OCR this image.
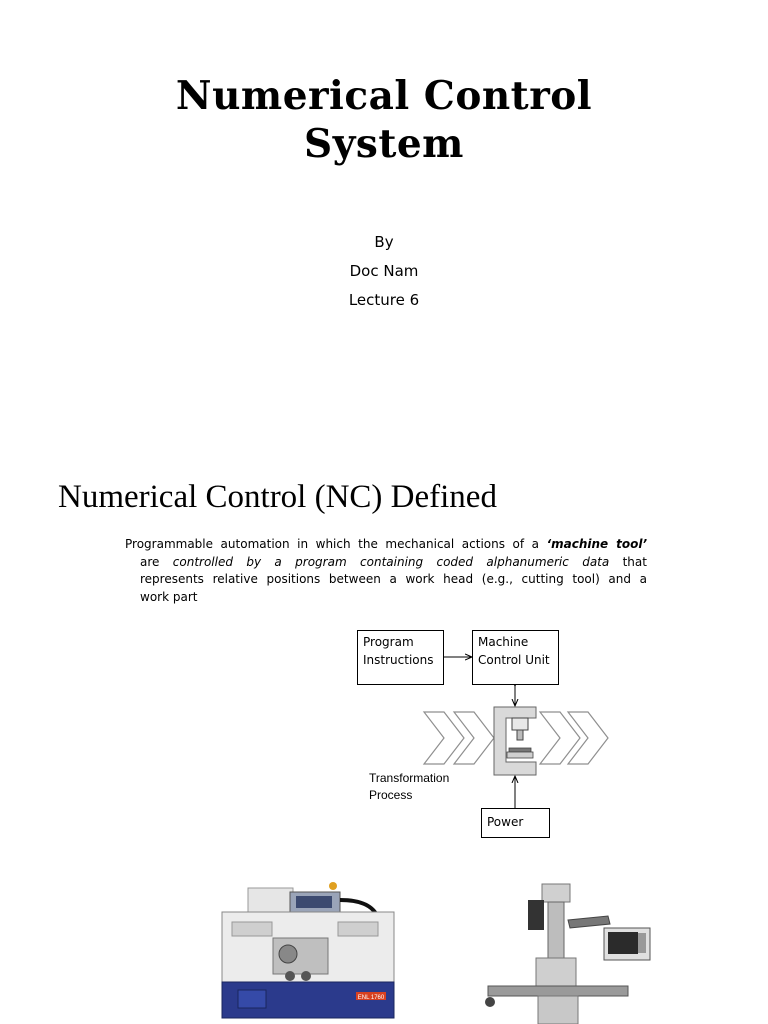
Numerical Control
System
By
Doc Nam
Lecture 6
Numerical Control (NC) Defined
Programmable automation in which the mechanical actions of a ‘machine tool’
are controlled by a program containing coded alphanumeric data that
represents relative positions between a work head (e.g., cutting tool) and a
work part
Program
Instructions
Machine
Control Unit
Power
Transformation
Process
ENL 1760
